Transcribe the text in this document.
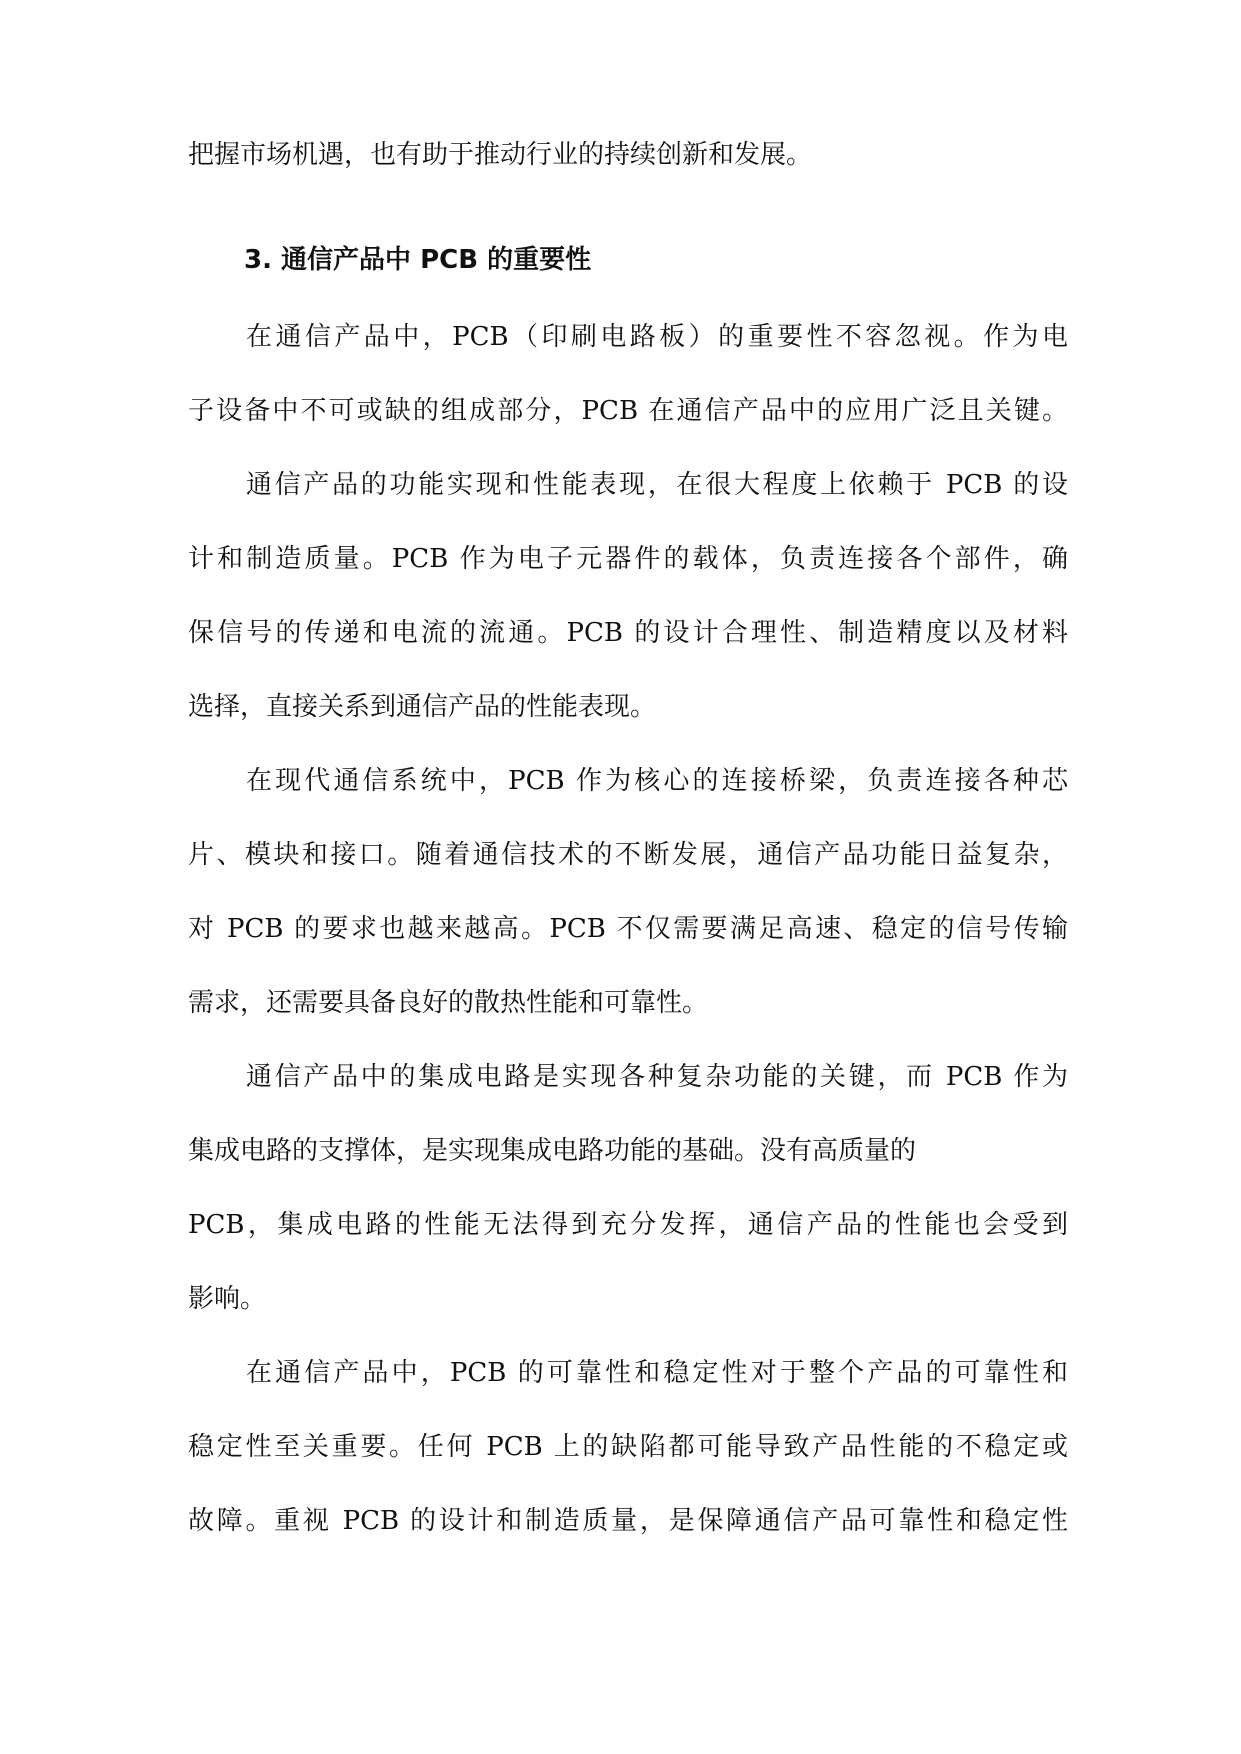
把握市场机遇，也有助于推动行业的持续创新和发展。
3. 通信产品中 PCB 的重要性
在通信产品中，PCB（印刷电路板）的重要性不容忽视。作为电
子设备中不可或缺的组成部分，PCB 在通信产品中的应用广泛且关键。
通信产品的功能实现和性能表现，在很大程度上依赖于 PCB 的设
计和制造质量。PCB 作为电子元器件的载体，负责连接各个部件，确
保信号的传递和电流的流通。PCB 的设计合理性、制造精度以及材料
选择，直接关系到通信产品的性能表现。
在现代通信系统中，PCB 作为核心的连接桥梁，负责连接各种芯
片、模块和接口。随着通信技术的不断发展，通信产品功能日益复杂，
对 PCB 的要求也越来越高。PCB 不仅需要满足高速、稳定的信号传输
需求，还需要具备良好的散热性能和可靠性。
通信产品中的集成电路是实现各种复杂功能的关键，而 PCB 作为
集成电路的支撑体，是实现集成电路功能的基础。没有高质量的
PCB，集成电路的性能无法得到充分发挥，通信产品的性能也会受到
影响。
在通信产品中，PCB 的可靠性和稳定性对于整个产品的可靠性和
稳定性至关重要。任何 PCB 上的缺陷都可能导致产品性能的不稳定或
故障。重视 PCB 的设计和制造质量，是保障通信产品可靠性和稳定性
